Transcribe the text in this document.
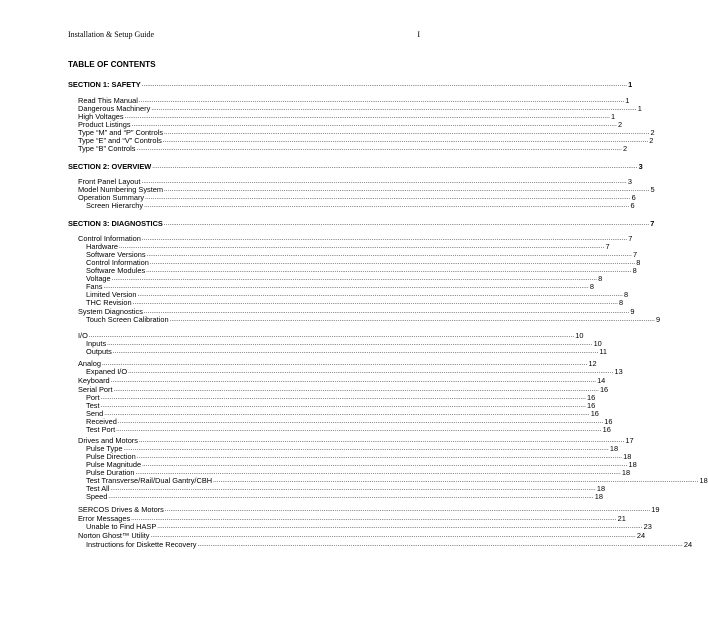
Installation & Setup Guide	I
TABLE OF CONTENTS
SECTION 1: SAFETY .................................................................................................................................................................................................................................................................... 1
Read This Manual .................................................................................................................................................................................................................................................................... 1
Dangerous Machinery .................................................................................................................................................................................................................................................................... 1
High Voltages .................................................................................................................................................................................................................................................................... 1
Product Listings .................................................................................................................................................................................................................................................................... 2
Type “M” and “P” Controls .................................................................................................................................................................................................................................................................... 2
Type “E” and “V” Controls .................................................................................................................................................................................................................................................................... 2
Type “B” Controls .................................................................................................................................................................................................................................................................... 2
SECTION 2: OVERVIEW .................................................................................................................................................................................................................................................................... 3
Front Panel Layout .................................................................................................................................................................................................................................................................... 3
Model Numbering System .................................................................................................................................................................................................................................................................... 5
Operation Summary .................................................................................................................................................................................................................................................................... 6
Screen Hierarchy .................................................................................................................................................................................................................................................................... 6
SECTION 3: DIAGNOSTICS .................................................................................................................................................................................................................................................................... 7
Control Information .................................................................................................................................................................................................................................................................... 7
Hardware .................................................................................................................................................................................................................................................................... 7
Software Versions .................................................................................................................................................................................................................................................................... 7
Control Information .................................................................................................................................................................................................................................................................... 8
Software Modules .................................................................................................................................................................................................................................................................... 8
Voltage .................................................................................................................................................................................................................................................................... 8
Fans .................................................................................................................................................................................................................................................................... 8
Limited Version .................................................................................................................................................................................................................................................................... 8
THC Revision .................................................................................................................................................................................................................................................................... 8
System Diagnostics .................................................................................................................................................................................................................................................................... 9
Touch Screen Calibration .................................................................................................................................................................................................................................................................... 9
I/O .................................................................................................................................................................................................................................................................... 10
Inputs .................................................................................................................................................................................................................................................................... 10
Outputs .................................................................................................................................................................................................................................................................... 11
Analog .................................................................................................................................................................................................................................................................... 12
Expaned I/O .................................................................................................................................................................................................................................................................... 13
Keyboard .................................................................................................................................................................................................................................................................... 14
Serial Port .................................................................................................................................................................................................................................................................... 16
Port .................................................................................................................................................................................................................................................................... 16
Test .................................................................................................................................................................................................................................................................... 16
Send .................................................................................................................................................................................................................................................................... 16
Received .................................................................................................................................................................................................................................................................... 16
Test Port .................................................................................................................................................................................................................................................................... 16
Drives and Motors .................................................................................................................................................................................................................................................................... 17
Pulse Type .................................................................................................................................................................................................................................................................... 18
Pulse Direction .................................................................................................................................................................................................................................................................... 18
Pulse Magnitude .................................................................................................................................................................................................................................................................... 18
Pulse Duration .................................................................................................................................................................................................................................................................... 18
Test Transverse/Rail/Dual Gantry/CBH .................................................................................................................................................................................................................................................................... 18
Test All .................................................................................................................................................................................................................................................................... 18
Speed .................................................................................................................................................................................................................................................................... 18
SERCOS Drives & Motors .................................................................................................................................................................................................................................................................... 19
Error Messages .................................................................................................................................................................................................................................................................... 21
Unable to Find HASP .................................................................................................................................................................................................................................................................... 23
Norton Ghost™ Utility .................................................................................................................................................................................................................................................................... 24
Instructions for Diskette Recovery .................................................................................................................................................................................................................................................................... 24
